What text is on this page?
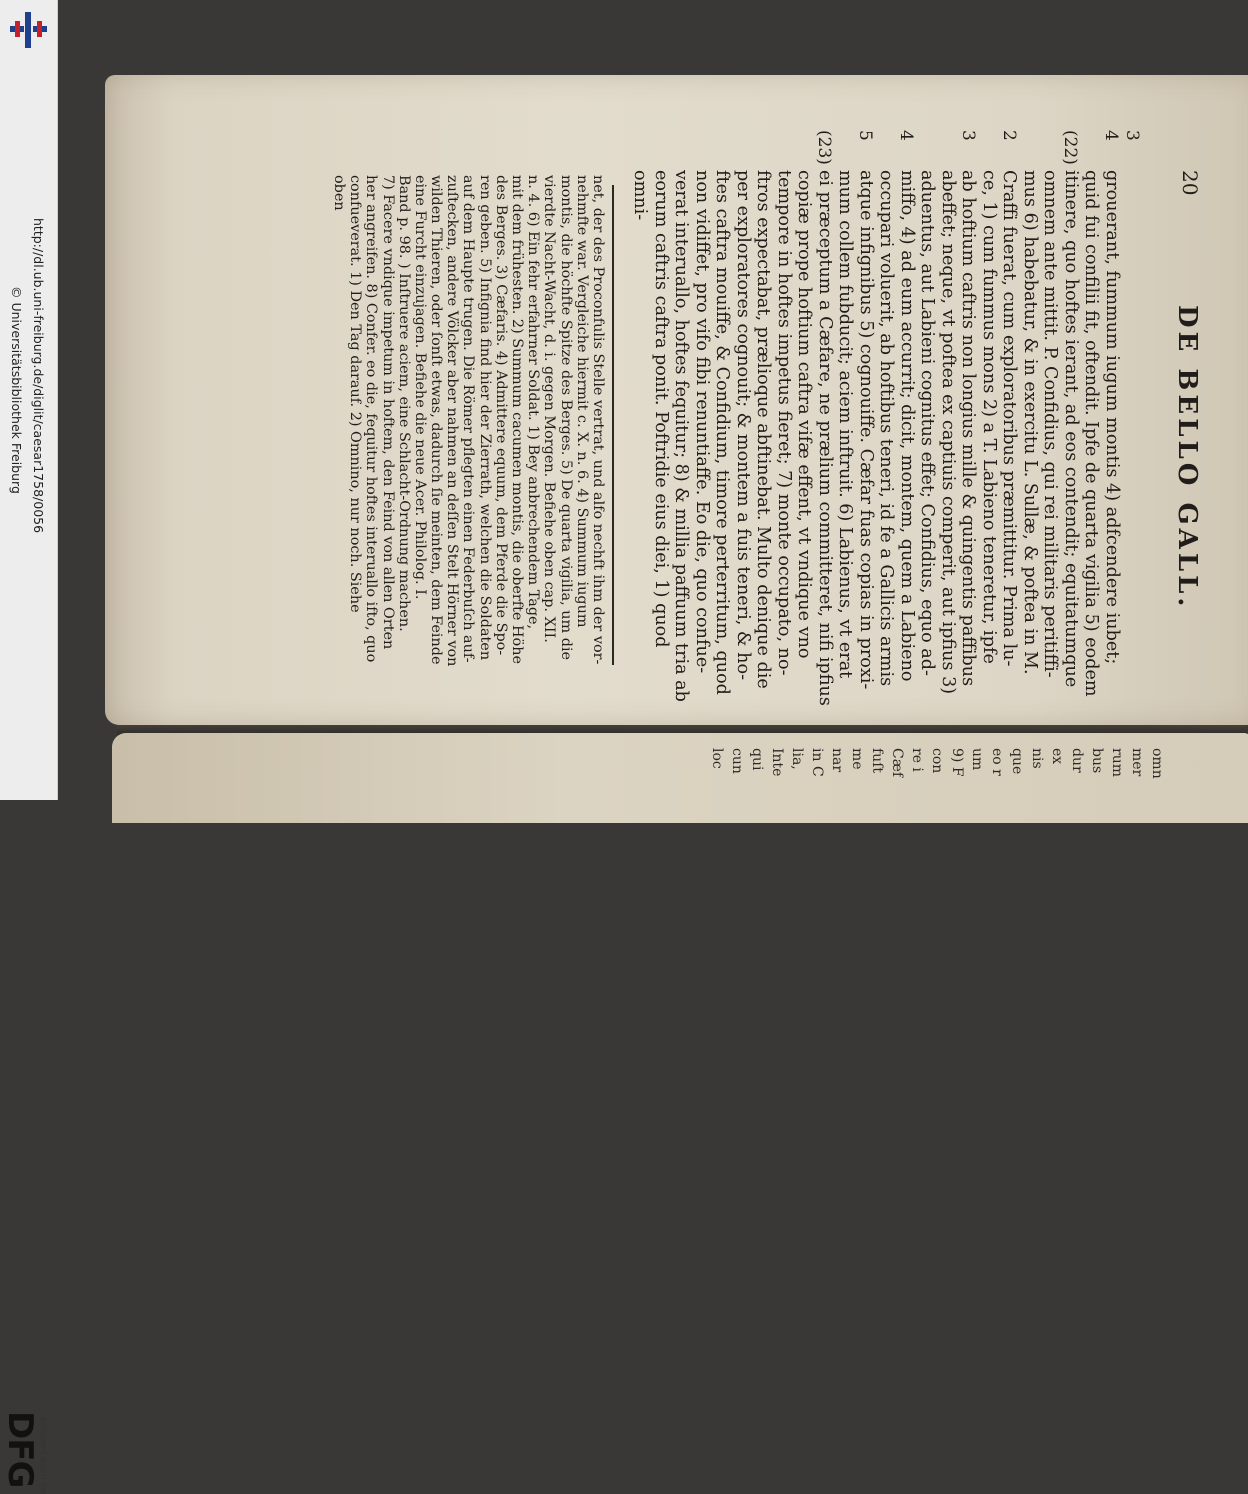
http://dl.ub.uni-freiburg.de/diglit/caesar1758/0056
© Universitätsbibliothek Freiburg
gefördert durch die
DFG
20
DE BELLO GALL.
3
4
(22)
2
3
4
5
(23)
grouerant, fummum iugum montis 4) adfcendere iubet;
quid fui confilii fit, oftendit. Ipfe de quarta vigilia 5) eodem
itinere, quo hoftes ierant, ad eos contendit; equitatumque
omnem ante mittit. P. Confidius, qui rei militaris peritiffi-
mus 6) habebatur, & in exercitu L. Sullæ, & poftea in M.
Craffi fuerat, cum exploratoribus præmittitur. Prima lu-
ce, 1) cum fummus mons 2) a T. Labieno teneretur, ipfe
ab hoftium caftris non longius mille & quingentis paffibus
abeffet; neque, vt poftea ex captiuis comperit, aut ipfius 3)
aduentus, aut Labieni cognitus effet; Confidius, equo ad-
miffo, 4) ad eum accurrit; dicit, montem, quem a Labieno
occupari voluerit, ab hoftibus teneri, id fe a Gallicis armis
atque infignibus 5) cognouiffe. Cæfar fuas copias in proxi-
mum collem fubducit; aciem inftruit. 6) Labienus, vt erat
ei præceptum a Cæfare, ne prælium committeret, nifi ipfius
copiæ prope hoftium caftra vifæ effent, vt vndique vno
tempore in hoftes impetus fieret; 7) monte occupato, no-
ftros expectabat, prælioque abftinebat. Multo denique die
per exploratores cognouit; & montem a fuis teneri, & ho-
ftes caftra mouiffe, & Confidium, timore perterritum, quod
non vidiffet, pro vifo fibi renuntiaffe. Eo die, quo confue-
verat interuallo, hoftes fequitur; 8) & millia paffuum tria ab
eorum caftris caftra ponit. Poftridie eius diei, 1) quod
omni-
net, der des Proconfulis Stelle vertrat, und alfo nechft ihm der vor-
nehmfte war. Vergleiche hiermit c. X. n. 6. 4) Summum iugum
montis, die höchfte Spitze des Berges. 5) De quarta vigilia, um die
vierdte Nacht-Wacht, d. i. gegen Morgen. Befiehe oben cap. XII.
n. 4. 6) Ein fehr erfahrner Soldat. 1) Bey anbrechendem Tage,
mit dem frühesten. 2) Summum cacumen montis, die oberfte Höhe
des Berges. 3) Cæfaris. 4) Admittere equum, dem Pferde die Spo-
ren geben. 5) Infignia find hier der Zierrath, welchen die Soldaten
auf dem Haupte trugen. Die Römer pflegten einen Federbuſch auf-
zuſtecken, andere Völcker aber nahmen an deſſen Stelt Hörner von
wilden Thieren, oder ſonſt etwas, dadurch ſie meinten, dem Feinde
eine Furcht einzujagen. Befiehe die neue Acer. Philolog. I.
Band p. 98. ) Inſtruere aciem, eine Schlacht-Ordnung machen.
7) Facere vndique impetum in hoftem, den Feind von allen Orten
her angreifen. 8) Confer. eo die, fequitur hoftes interuallo ifto, quo
confueverat. 1) Den Tag darauf. 2) Omnino, nur noch. Siehe
oben
omn
mer
rum
bus
dur
ex
nis
que
eo r
um
9) F
con
re i
Cæf
fuſt
me
nar
in C
lia,
Inte
qui
cun
loc
